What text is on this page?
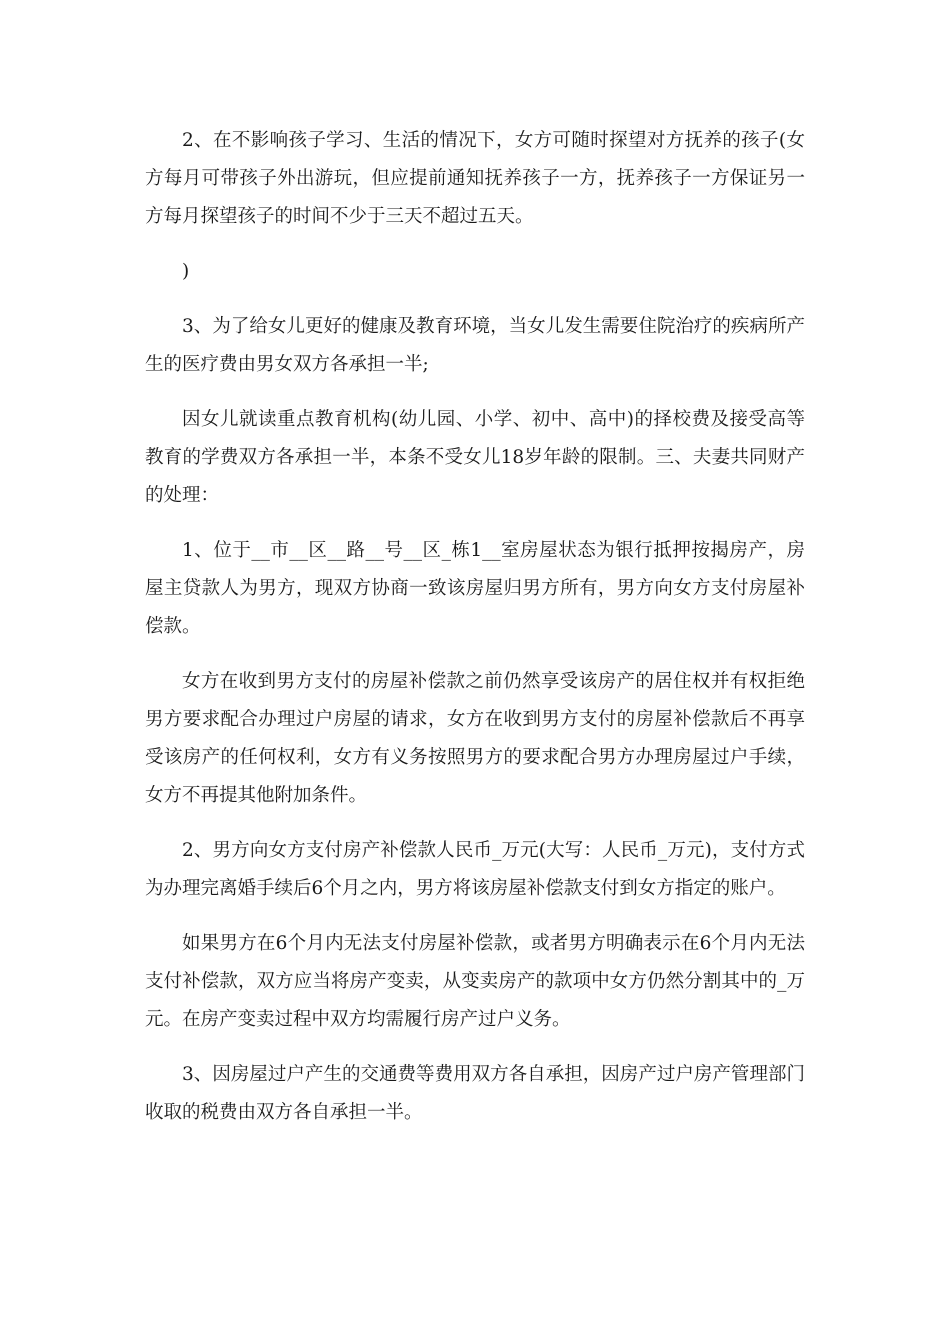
2、在不影响孩子学习、生活的情况下，女方可随时探望对方抚养的孩子(女方每月可带孩子外出游玩，但应提前通知抚养孩子一方，抚养孩子一方保证另一方每月探望孩子的时间不少于三天不超过五天。

)

3、为了给女儿更好的健康及教育环境，当女儿发生需要住院治疗的疾病所产生的医疗费由男女双方各承担一半;

因女儿就读重点教育机构(幼儿园、小学、初中、高中)的择校费及接受高等教育的学费双方各承担一半，本条不受女儿18岁年龄的限制。三、夫妻共同财产的处理：

1、位于__市__区__路__号__区_栋1__室房屋状态为银行抵押按揭房产，房屋主贷款人为男方，现双方协商一致该房屋归男方所有，男方向女方支付房屋补偿款。

女方在收到男方支付的房屋补偿款之前仍然享受该房产的居住权并有权拒绝男方要求配合办理过户房屋的请求，女方在收到男方支付的房屋补偿款后不再享受该房产的任何权利，女方有义务按照男方的要求配合男方办理房屋过户手续，女方不再提其他附加条件。

2、男方向女方支付房产补偿款人民币_万元(大写：人民币_万元)，支付方式为办理完离婚手续后6个月之内，男方将该房屋补偿款支付到女方指定的账户。

如果男方在6个月内无法支付房屋补偿款，或者男方明确表示在6个月内无法支付补偿款，双方应当将房产变卖，从变卖房产的款项中女方仍然分割其中的_万元。在房产变卖过程中双方均需履行房产过户义务。

3、因房屋过户产生的交通费等费用双方各自承担，因房产过户房产管理部门收取的税费由双方各自承担一半。
